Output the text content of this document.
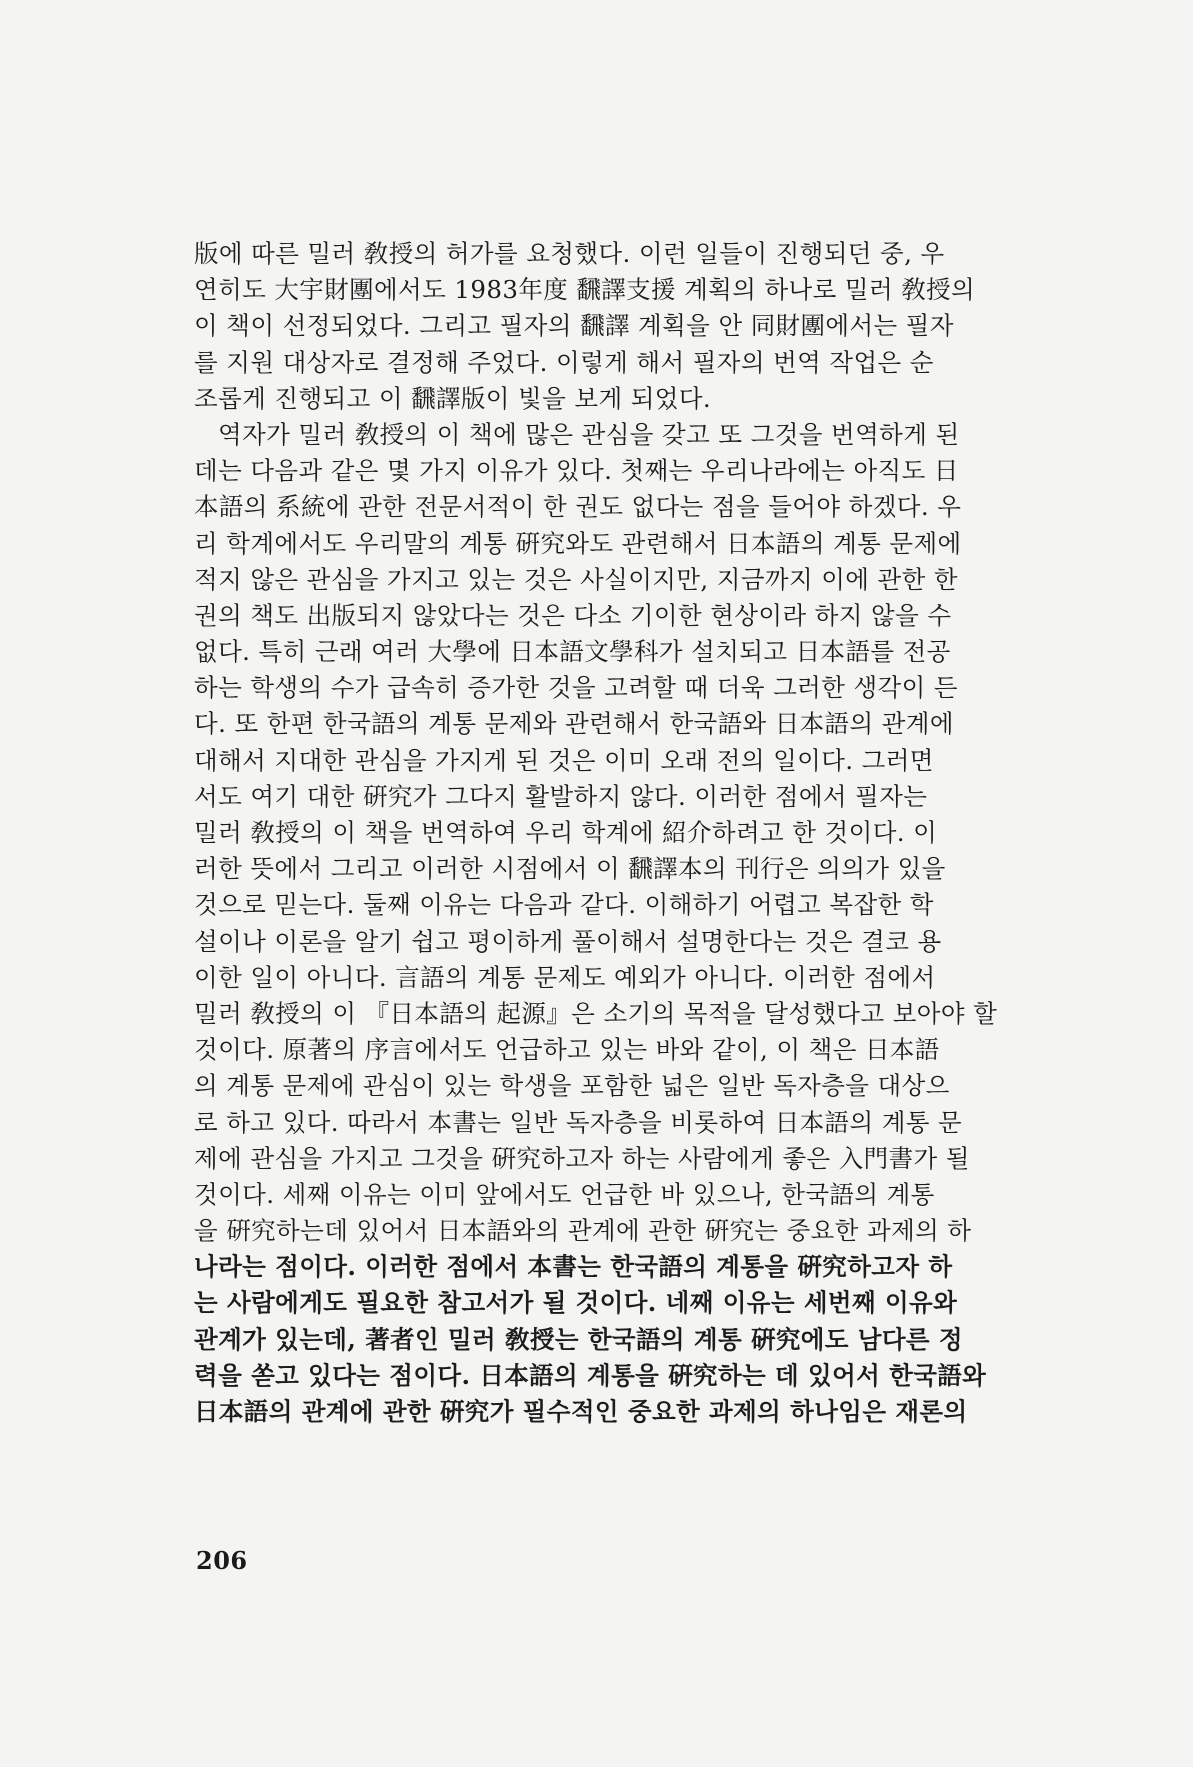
版에 따른 밀러 敎授의 허가를 요청했다. 이런 일들이 진행되던 중, 우
연히도 大宇財團에서도 1983年度 飜譯支援 계획의 하나로 밀러 敎授의
이 책이 선정되었다. 그리고 필자의 飜譯 계획을 안 同財團에서는 필자
를 지원 대상자로 결정해 주었다. 이렇게 해서 필자의 번역 작업은 순
조롭게 진행되고 이 飜譯版이 빛을 보게 되었다.
역자가 밀러 敎授의 이 책에 많은 관심을 갖고 또 그것을 번역하게 된
데는 다음과 같은 몇 가지 이유가 있다. 첫째는 우리나라에는 아직도 日
本語의 系統에 관한 전문서적이 한 권도 없다는 점을 들어야 하겠다. 우
리 학계에서도 우리말의 계통 硏究와도 관련해서 日本語의 계통 문제에
적지 않은 관심을 가지고 있는 것은 사실이지만, 지금까지 이에 관한 한
권의 책도 出版되지 않았다는 것은 다소 기이한 현상이라 하지 않을 수
없다. 특히 근래 여러 大學에 日本語文學科가 설치되고 日本語를 전공
하는 학생의 수가 급속히 증가한 것을 고려할 때 더욱 그러한 생각이 든
다. 또 한편 한국語의 계통 문제와 관련해서 한국語와 日本語의 관계에
대해서 지대한 관심을 가지게 된 것은 이미 오래 전의 일이다. 그러면
서도 여기 대한 硏究가 그다지 활발하지 않다. 이러한 점에서 필자는
밀러 敎授의 이 책을 번역하여 우리 학계에 紹介하려고 한 것이다. 이
러한 뜻에서 그리고 이러한 시점에서 이 飜譯本의 刊行은 의의가 있을
것으로 믿는다. 둘째 이유는 다음과 같다. 이해하기 어렵고 복잡한 학
설이나 이론을 알기 쉽고 평이하게 풀이해서 설명한다는 것은 결코 용
이한 일이 아니다. 言語의 계통 문제도 예외가 아니다. 이러한 점에서
밀러 敎授의 이 『日本語의 起源』은 소기의 목적을 달성했다고 보아야 할
것이다. 原著의 序言에서도 언급하고 있는 바와 같이, 이 책은 日本語
의 계통 문제에 관심이 있는 학생을 포함한 넓은 일반 독자층을 대상으
로 하고 있다. 따라서 本書는 일반 독자층을 비롯하여 日本語의 계통 문
제에 관심을 가지고 그것을 硏究하고자 하는 사람에게 좋은 入門書가 될
것이다. 세째 이유는 이미 앞에서도 언급한 바 있으나, 한국語의 계통
을 硏究하는데 있어서 日本語와의 관계에 관한 硏究는 중요한 과제의 하
나라는 점이다. 이러한 점에서 本書는 한국語의 계통을 硏究하고자 하
는 사람에게도 필요한 참고서가 될 것이다. 네째 이유는 세번째 이유와
관계가 있는데, 著者인 밀러 敎授는 한국語의 계통 硏究에도 남다른 정
력을 쏟고 있다는 점이다. 日本語의 계통을 硏究하는 데 있어서 한국語와
日本語의 관계에 관한 硏究가 필수적인 중요한 과제의 하나임은 재론의
206
